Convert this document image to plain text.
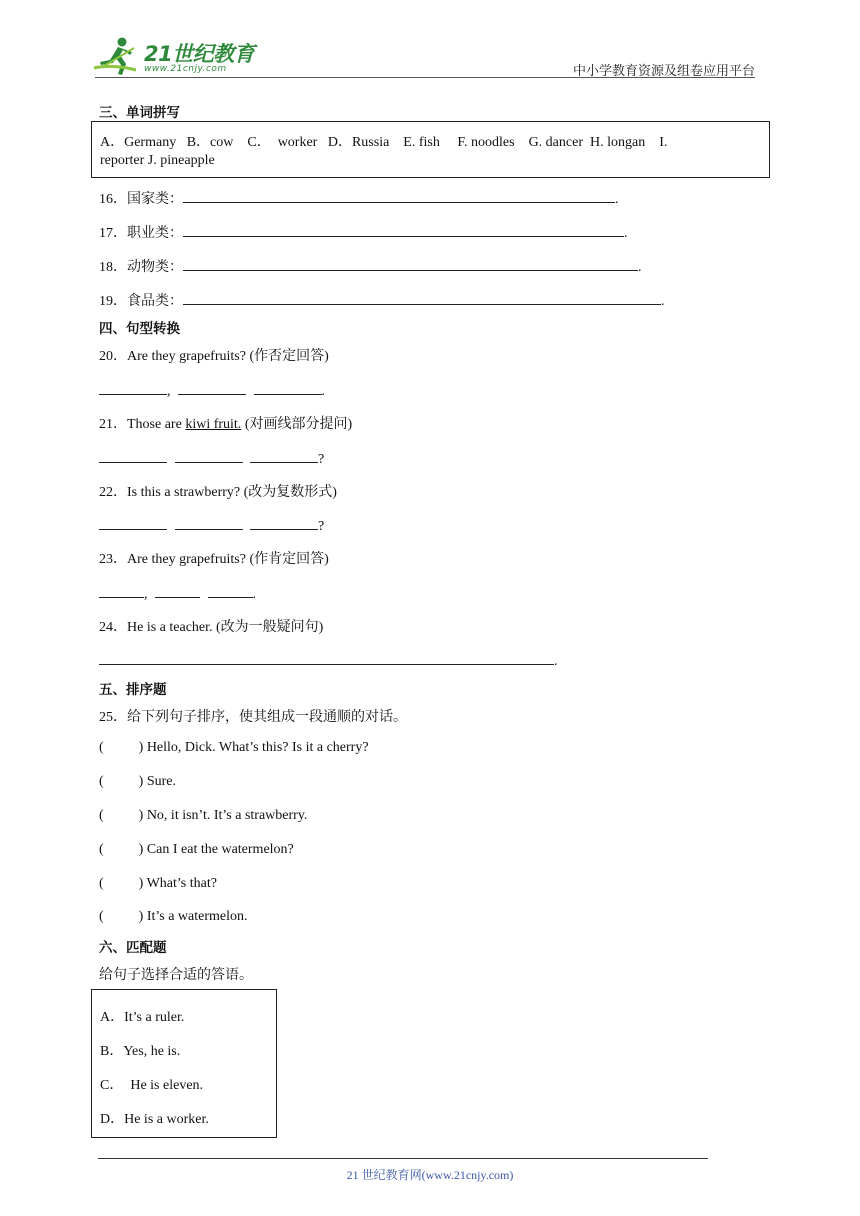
21世纪教育
www.21cnjy.com	中小学教育资源及组卷应用平台
三、单词拼写
A．Germany   B．cow    C．  worker   D．Russia    E. fish     F. noodles    G. dancer  H. longan    I.
reporter J. pineapple
16．国家类：	.
17．职业类：	.
18．动物类：	.
19．食品类：	.
四、句型转换
20．Are they grapefruits? (作否定回答)
,	.
21．Those are kiwi fruit. (对画线部分提问)
?
22．Is this a strawberry? (改为复数形式)
?
23．Are they grapefruits? (作肯定回答)
,	.
24．He is a teacher. (改为一般疑问句)
.
五、排序题
25．给下列句子排序，使其组成一段通顺的对话。
(          ) Hello, Dick. What’s this? Is it a cherry?
(          ) Sure.
(          ) No, it isn’t. It’s a strawberry.
(          ) Can I eat the watermelon?
(          ) What’s that?
(          ) It’s a watermelon.
六、匹配题
给句子选择合适的答语。
A．It’s a ruler.
B．Yes, he is.
C．  He is eleven.
D．He is a worker.
21 世纪教育网(www.21cnjy.com)
